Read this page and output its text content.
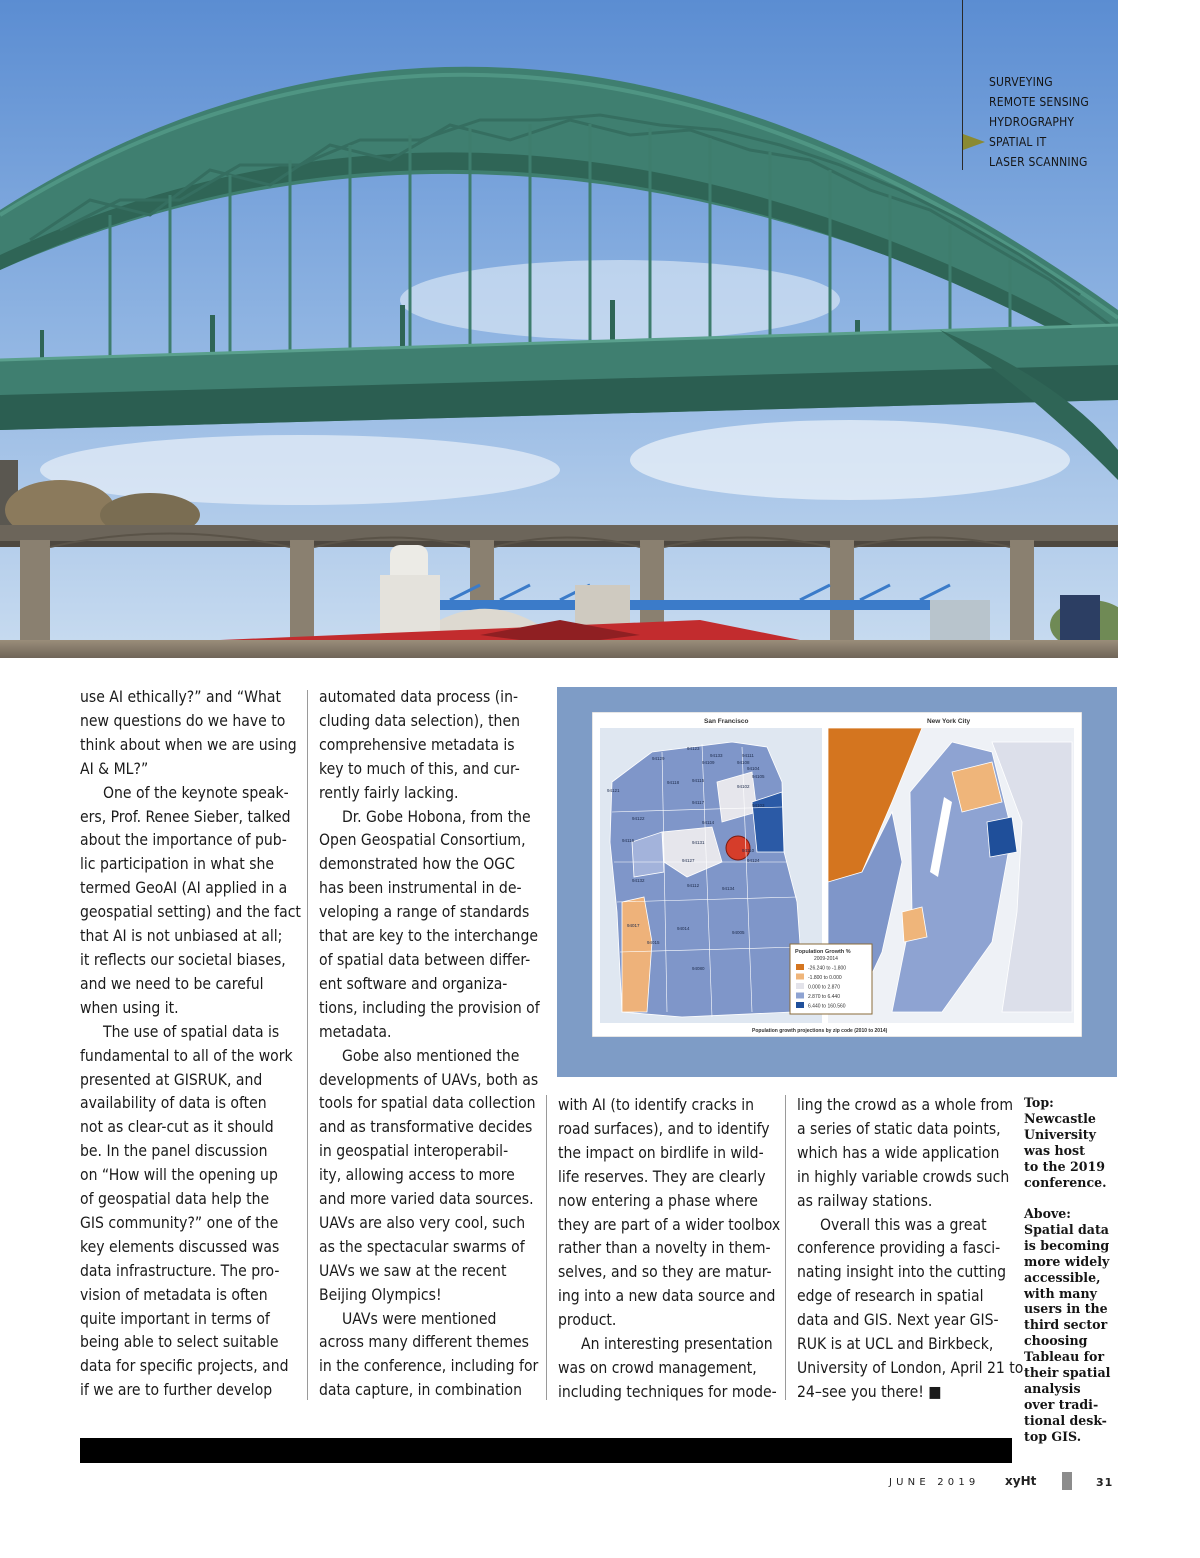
SURVEYING
REMOTE SENSING
HYDROGRAPHY
SPATIAL IT
LASER SCANNING

use AI ethically?” and “What

new questions do we have to

think about when we are using

AI & ML?”

One of the keynote speak-

ers, Prof. Renee Sieber, talked

about the importance of pub-

lic participation in what she

termed GeoAI (AI applied in a

geospatial setting) and the fact

that AI is not unbiased at all;

it reflects our societal biases,

and we need to be careful

when using it.

The use of spatial data is

fundamental to all of the work

presented at GISRUK, and

availability of data is often

not as clear-cut as it should

be. In the panel discussion

on “How will the opening up

of geospatial data help the

GIS community?” one of the

key elements discussed was

data infrastructure. The pro-

vision of metadata is often

quite important in terms of

being able to select suitable

data for specific projects, and

if we are to further develop

automated data process (in-

cluding data selection), then

comprehensive metadata is

key to much of this, and cur-

rently fairly lacking.

Dr. Gobe Hobona, from the

Open Geospatial Consortium,

demonstrated how the OGC

has been instrumental in de-

veloping a range of standards

that are key to the interchange

of spatial data between differ-

ent software and organiza-

tions, including the provision of

metadata.

Gobe also mentioned the

developments of UAVs, both as

tools for spatial data collection

and as transformative decides

in geospatial interoperabil-

ity, allowing access to more

and more varied data sources.

UAVs are also very cool, such

as the spectacular swarms of

UAVs we saw at the recent

Beijing Olympics!

UAVs were mentioned

across many different themes

in the conference, including for

data capture, in combination

with AI (to identify cracks in

road surfaces), and to identify

the impact on birdlife in wild-

life reserves. They are clearly

now entering a phase where

they are part of a wider toolbox

rather than a novelty in them-

selves, and so they are matur-

ing into a new data source and

product.

An interesting presentation

was on crowd management,

including techniques for mode-

ling the crowd as a whole from

a series of static data points,

which has a wide application

in highly variable crowds such

as railway stations.

Overall this was a great

conference providing a fasci-

nating insight into the cutting

edge of research in spatial

data and GIS. Next year GIS-

RUK is at UCL and Birkbeck,

University of London, April 21 to

24–see you there! ■

San Francisco	New York City
94123
94133
94129
94109
94111
94108
94104
94121
94115
94105
94118
94102
94117
94103
94122
94114
94116	94131
94127
94110
94124
94132
94112
94134
94017
94014
94080
94005
94015
Population Growth %
2009-2014
-26.240 to -1.800
-1.800 to 0.000
0.000 to 2.870
2.870 to 6.440
6.440 to 160.560
Population growth projections by zip code (2010 to 2014)

Top:

Newcastle

University

was host

to the 2019

conference.

Above:

Spatial data

is becoming

more widely

accessible,

with many

users in the

third sector

choosing

Tableau for

their spatial

analysis

over tradi-

tional desk-

top GIS.

JUNE 2019 xyHt	31
